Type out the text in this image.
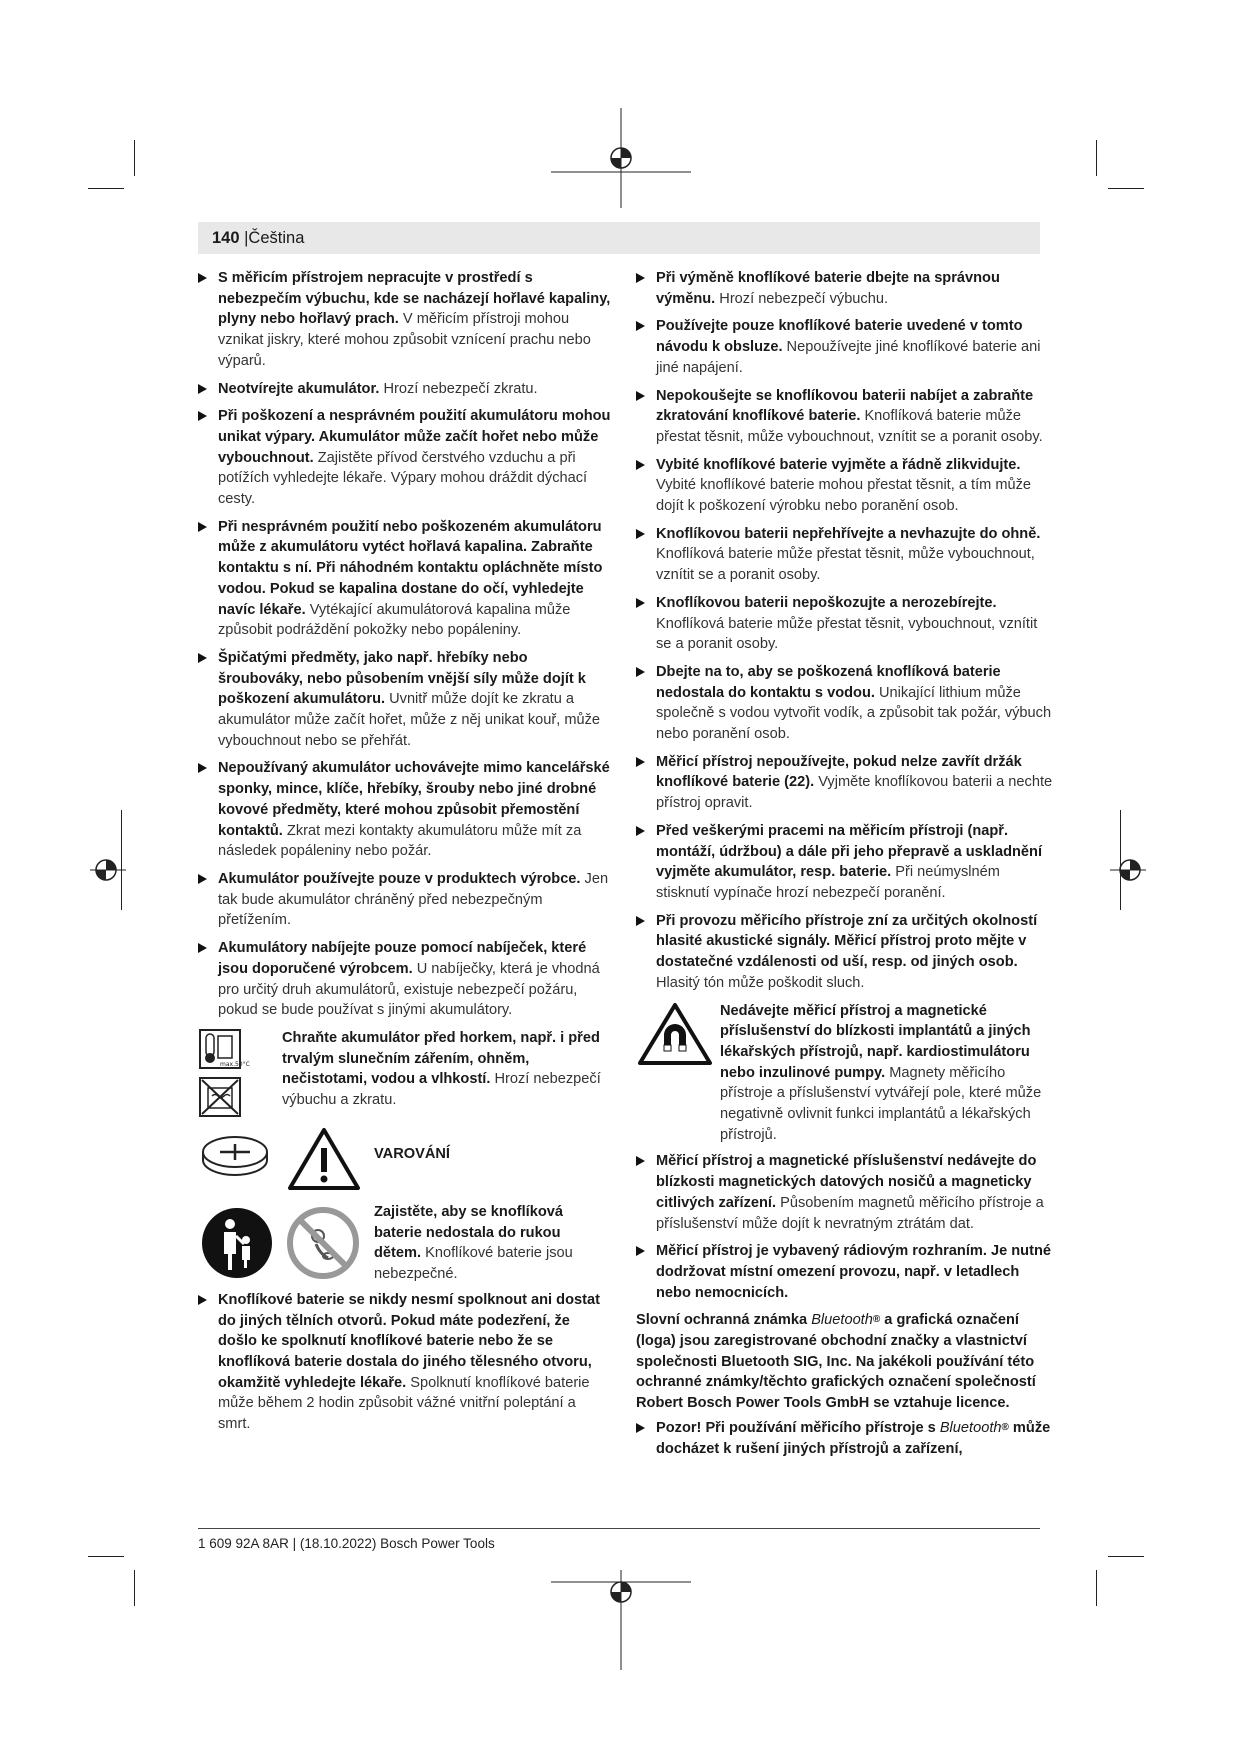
140 |Čeština
S měřicím přístrojem nepracujte v prostředí s nebezpečím výbuchu, kde se nacházejí hořlavé kapaliny, plyny nebo hořlavý prach. V měřicím přístroji mohou vznikat jiskry, které mohou způsobit vznícení prachu nebo výparů.
Neotvírejte akumulátor. Hrozí nebezpečí zkratu.
Při poškození a nesprávném použití akumulátoru mohou unikat výpary. Akumulátor může začít hořet nebo může vybouchnout. Zajistěte přívod čerstvého vzduchu a při potížích vyhledejte lékaře. Výpary mohou dráždit dýchací cesty.
Při nesprávném použití nebo poškozeném akumulátoru může z akumulátoru vytéct hořlavá kapalina. Zabraňte kontaktu s ní. Při náhodném kontaktu opláchněte místo vodou. Pokud se kapalina dostane do očí, vyhledejte navíc lékaře. Vytékající akumulátorová kapalina může způsobit podráždění pokožky nebo popáleniny.
Špičatými předměty, jako např. hřebíky nebo šroubováky, nebo působením vnější síly může dojít k poškození akumulátoru. Uvnitř může dojít ke zkratu a akumulátor může začít hořet, může z něj unikat kouř, může vybouchnout nebo se přehřát.
Nepoužívaný akumulátor uchovávejte mimo kancelářské sponky, mince, klíče, hřebíky, šrouby nebo jiné drobné kovové předměty, které mohou způsobit přemostění kontaktů. Zkrat mezi kontakty akumulátoru může mít za následek popáleniny nebo požár.
Akumulátor používejte pouze v produktech výrobce. Jen tak bude akumulátor chráněný před nebezpečným přetížením.
Akumulátory nabíjejte pouze pomocí nabíječek, které jsou doporučené výrobcem. U nabíječky, která je vhodná pro určitý druh akumulátorů, existuje nebezpečí požáru, pokud se bude používat s jinými akumulátory.
max.50°C
Chraňte akumulátor před horkem, např. i před trvalým slunečním zářením, ohněm, nečistotami, vodou a vlhkostí. Hrozí nebezpečí výbuchu a zkratu.
VAROVÁNÍ
Zajistěte, aby se knoflíková baterie nedostala do rukou dětem. Knoflíkové baterie jsou nebezpečné.
Knoflíkové baterie se nikdy nesmí spolknout ani dostat do jiných tělních otvorů. Pokud máte podezření, že došlo ke spolknutí knoflíkové baterie nebo že se knoflíková baterie dostala do jiného tělesného otvoru, okamžitě vyhledejte lékaře. Spolknutí knoflíkové baterie může během 2 hodin způsobit vážné vnitřní poleptání a smrt.
Při výměně knoflíkové baterie dbejte na správnou výměnu. Hrozí nebezpečí výbuchu.
Používejte pouze knoflíkové baterie uvedené v tomto návodu k obsluze. Nepoužívejte jiné knoflíkové baterie ani jiné napájení.
Nepokoušejte se knoflíkovou baterii nabíjet a zabraňte zkratování knoflíkové baterie. Knoflíková baterie může přestat těsnit, může vybouchnout, vznítit se a poranit osoby.
Vybité knoflíkové baterie vyjměte a řádně zlikvidujte. Vybité knoflíkové baterie mohou přestat těsnit, a tím může dojít k poškození výrobku nebo poranění osob.
Knoflíkovou baterii nepřehřívejte a nevhazujte do ohně. Knoflíková baterie může přestat těsnit, může vybouchnout, vznítit se a poranit osoby.
Knoflíkovou baterii nepoškozujte a nerozebírejte. Knoflíková baterie může přestat těsnit, vybouchnout, vznítit se a poranit osoby.
Dbejte na to, aby se poškozená knoflíková baterie nedostala do kontaktu s vodou. Unikající lithium může společně s vodou vytvořit vodík, a způsobit tak požár, výbuch nebo poranění osob.
Měřicí přístroj nepoužívejte, pokud nelze zavřít držák knoflíkové baterie (22). Vyjměte knoflíkovou baterii a nechte přístroj opravit.
Před veškerými pracemi na měřicím přístroji (např. montáží, údržbou) a dále při jeho přepravě a uskladnění vyjměte akumulátor, resp. baterie. Při neúmyslném stisknutí vypínače hrozí nebezpečí poranění.
Při provozu měřicího přístroje zní za určitých okolností hlasité akustické signály. Měřicí přístroj proto mějte v dostatečné vzdálenosti od uší, resp. od jiných osob. Hlasitý tón může poškodit sluch.
Nedávejte měřicí přístroj a magnetické příslušenství do blízkosti implantátů a jiných lékařských přístrojů, např. kardiostimulátoru nebo inzulinové pumpy. Magnety měřicího přístroje a příslušenství vytvářejí pole, které může negativně ovlivnit funkci implantátů a lékařských přístrojů.
Měřicí přístroj a magnetické příslušenství nedávejte do blízkosti magnetických datových nosičů a magneticky citlivých zařízení. Působením magnetů měřicího přístroje a příslušenství může dojít k nevratným ztrátám dat.
Měřicí přístroj je vybavený rádiovým rozhraním. Je nutné dodržovat místní omezení provozu, např. v letadlech nebo nemocnicích.
Slovní ochranná známka Bluetooth® a grafická označení (loga) jsou zaregistrované obchodní značky a vlastnictví společnosti Bluetooth SIG, Inc. Na jakékoli používání této ochranné známky/těchto grafických označení společností Robert Bosch Power Tools GmbH se vztahuje licence.
Pozor! Při používání měřicího přístroje s Bluetooth® může docházet k rušení jiných přístrojů a zařízení,
1 609 92A 8AR | (18.10.2022) Bosch Power Tools
